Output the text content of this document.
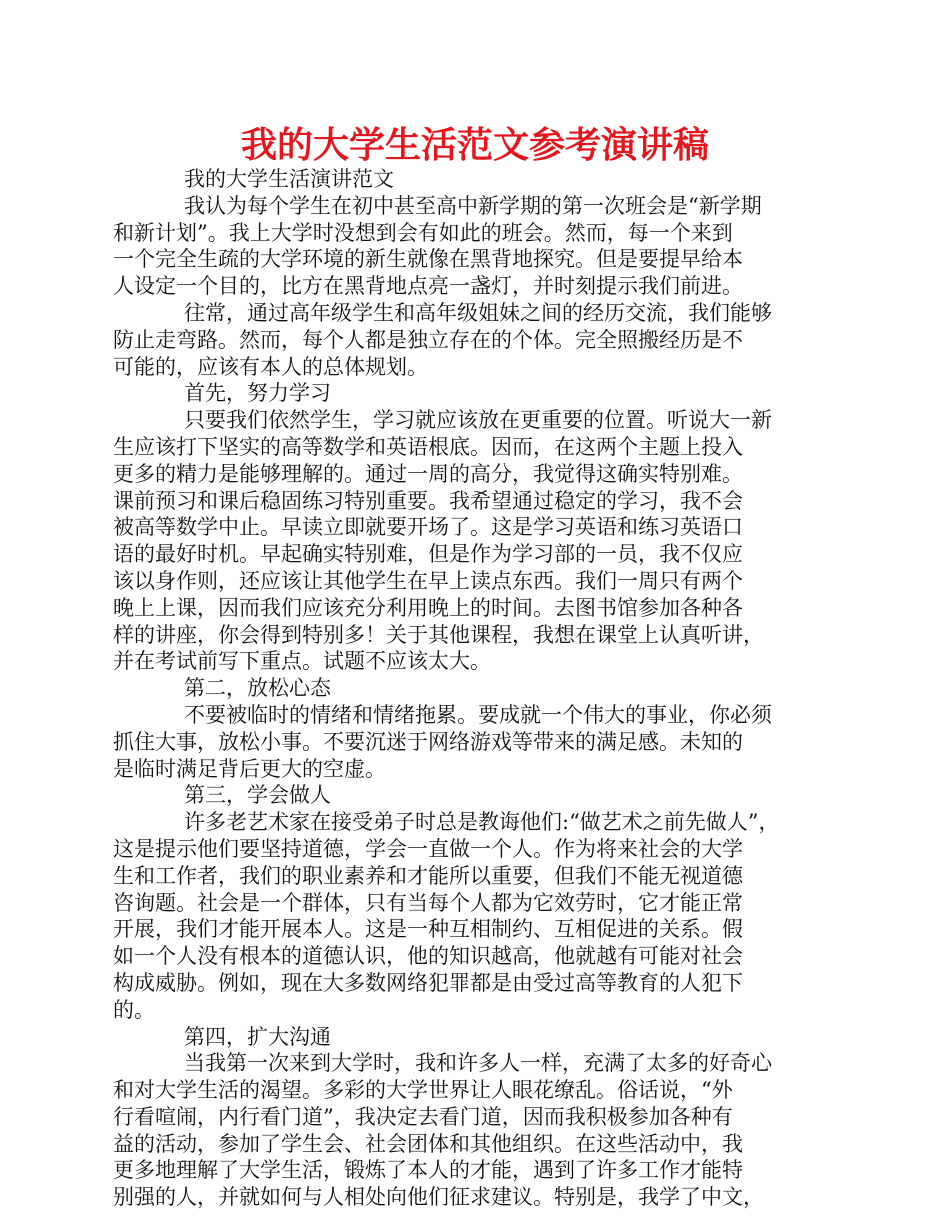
我的大学生活范文参考演讲稿
我的大学生活演讲范文
我认为每个学生在初中甚至高中新学期的第一次班会是“新学期
和新计划”。我上大学时没想到会有如此的班会。然而，每一个来到
一个完全生疏的大学环境的新生就像在黑背地探究。但是要提早给本
人设定一个目的，比方在黑背地点亮一盏灯，并时刻提示我们前进。
往常，通过高年级学生和高年级姐妹之间的经历交流，我们能够
防止走弯路。然而，每个人都是独立存在的个体。完全照搬经历是不
可能的，应该有本人的总体规划。
首先，努力学习
只要我们依然学生，学习就应该放在更重要的位置。听说大一新
生应该打下坚实的高等数学和英语根底。因而，在这两个主题上投入
更多的精力是能够理解的。通过一周的高分，我觉得这确实特别难。
课前预习和课后稳固练习特别重要。我希望通过稳定的学习，我不会
被高等数学中止。早读立即就要开场了。这是学习英语和练习英语口
语的最好时机。早起确实特别难，但是作为学习部的一员，我不仅应
该以身作则，还应该让其他学生在早上读点东西。我们一周只有两个
晚上上课，因而我们应该充分利用晚上的时间。去图书馆参加各种各
样的讲座，你会得到特别多！关于其他课程，我想在课堂上认真听讲，
并在考试前写下重点。试题不应该太大。
第二，放松心态
不要被临时的情绪和情绪拖累。要成就一个伟大的事业，你必须
抓住大事，放松小事。不要沉迷于网络游戏等带来的满足感。未知的
是临时满足背后更大的空虚。
第三，学会做人
许多老艺术家在接受弟子时总是教诲他们:“做艺术之前先做人”，
这是提示他们要坚持道德，学会一直做一个人。作为将来社会的大学
生和工作者，我们的职业素养和才能所以重要，但我们不能无视道德
咨询题。社会是一个群体，只有当每个人都为它效劳时，它才能正常
开展，我们才能开展本人。这是一种互相制约、互相促进的关系。假
如一个人没有根本的道德认识，他的知识越高，他就越有可能对社会
构成威胁。例如，现在大多数网络犯罪都是由受过高等教育的人犯下
的。
第四，扩大沟通
当我第一次来到大学时，我和许多人一样，充满了太多的好奇心
和对大学生活的渴望。多彩的大学世界让人眼花缭乱。俗话说，“外
行看喧闹，内行看门道”，我决定去看门道，因而我积极参加各种有
益的活动，参加了学生会、社会团体和其他组织。在这些活动中，我
更多地理解了大学生活，锻炼了本人的才能，遇到了许多工作才能特
别强的人，并就如何与人相处向他们征求建议。特别是，我学了中文，
